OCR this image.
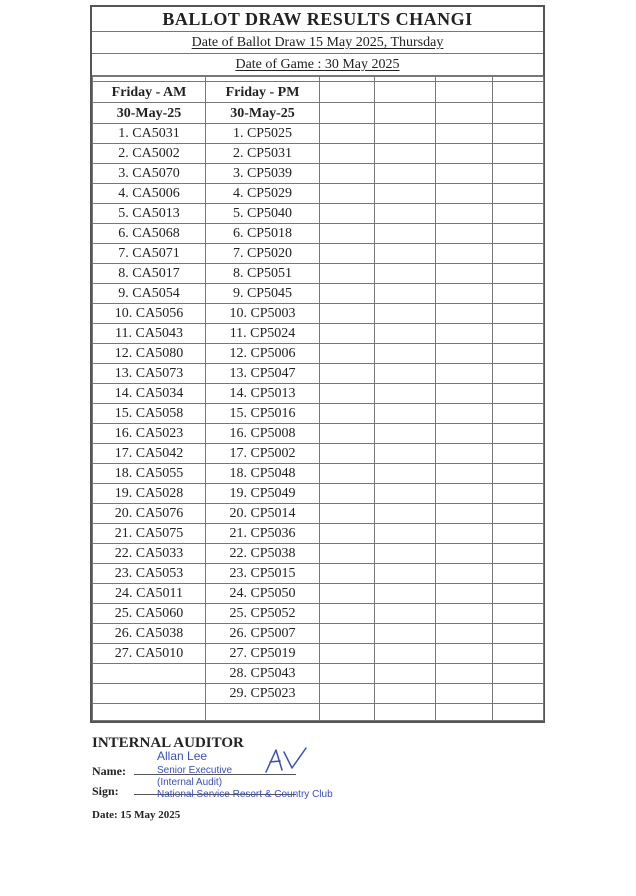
BALLOT DRAW RESULTS CHANGI
Date of Ballot Draw 15 May 2025, Thursday
Date of Game : 30 May 2025

Friday - AM	Friday - PM				
30-May-25	30-May-25				
1. CA5031	1. CP5025				
2. CA5002	2. CP5031				
3. CA5070	3. CP5039				
4. CA5006	4. CP5029				
5. CA5013	5. CP5040				
6. CA5068	6. CP5018				
7. CA5071	7. CP5020				
8. CA5017	8. CP5051				
9. CA5054	9. CP5045				
10. CA5056	10. CP5003				
11. CA5043	11. CP5024				
12. CA5080	12. CP5006				
13. CA5073	13. CP5047				
14. CA5034	14. CP5013				
15. CA5058	15. CP5016				
16. CA5023	16. CP5008				
17. CA5042	17. CP5002				
18. CA5055	18. CP5048				
19. CA5028	19. CP5049				
20. CA5076	20. CP5014				
21. CA5075	21. CP5036				
22. CA5033	22. CP5038				
23. CA5053	23. CP5015				
24. CA5011	24. CP5050				
25. CA5060	25. CP5052				
26. CA5038	26. CP5007				
27. CA5010	27. CP5019				
	28. CP5043				
	29. CP5023				

INTERNAL AUDITOR
Name:
Sign:
Date: 15 May 2025
Allan Lee
Senior Executive
(Internal Audit)
National Service Resort & Country Club
